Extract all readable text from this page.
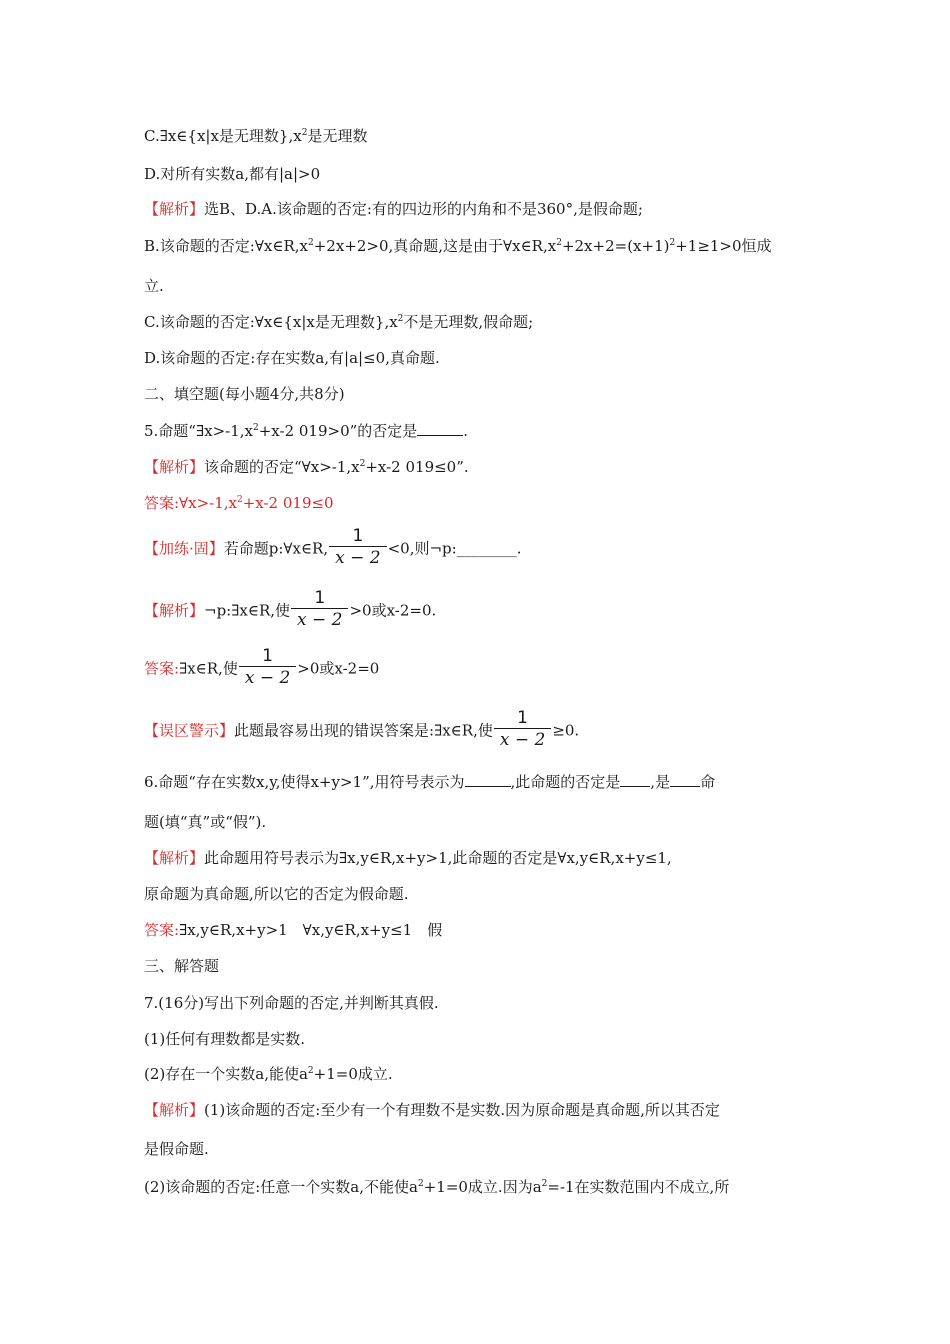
C.∃x∈{x|x是无理数}$,x^2$是无理数
D.对所有实数a,都有|a|>0
【解析】选B、D.A.该命题的否定:有的四边形的内角和不是360°,是假命题;
B.该命题的否定$:\forall x\in R,x^2+2x+2>0$,真命题,这是由于$\forall x\in R,x^2+2x+2=(x+1)^2+1\ge 1>0$恒成
立.
C.该命题的否定:∀x∈{x|x是无理数}$,x^2$不是无理数,假命题;
D.该命题的否定:存在实数a,有|a|≤0,真命题.
二、填空题(每小题4分,共8分)
5.命题“$\exists x>-1,x^2+x-2$ 019>0”的否定是	.
【解析】该命题的否定“$\forall x>-1,x^2+x-2$ 019≤0”.
答案$:\forall x>-1,x^2+x-2$ 019≤0
【加练·固】若命题p:∀x∈R, $\frac{1}{x - 2} <0$,则¬p:________.
【解析】¬p:∃x∈R,使 $\frac{1}{x - 2} >0$或x-2=0.
答案:∃x∈R,使 $\frac{1}{x - 2} >0$或x-2=0
【误区警示】此题最容易出现的错误答案是:∃x∈R,使 $\frac{1}{x - 2} \ge 0$.
6.命题“存在实数x,y,使得x+y>1”,用符号表示为	,此命题的否定是 ,是 命
题(填“真”或“假”).
【解析】此命题用符号表示为∃x,y∈R,x+y>1,此命题的否定是∀x,y∈R,x+y≤1,
原命题为真命题,所以它的否定为假命题.
答案:∃x,y∈R,x+y>1　∀x,y∈R,x+y≤1　假
三、解答题
7.(16分)写出下列命题的否定,并判断其真假.
(1)任何有理数都是实数.
(2)存在一个实数a,能使$a^2+1=0$成立.
【解析】(1)该命题的否定:至少有一个有理数不是实数.因为原命题是真命题,所以其否定
是假命题.
(2)该命题的否定:任意一个实数a,不能使$a^2+1=0$成立.因为$a^2=-1$在实数范围内不成立,所
